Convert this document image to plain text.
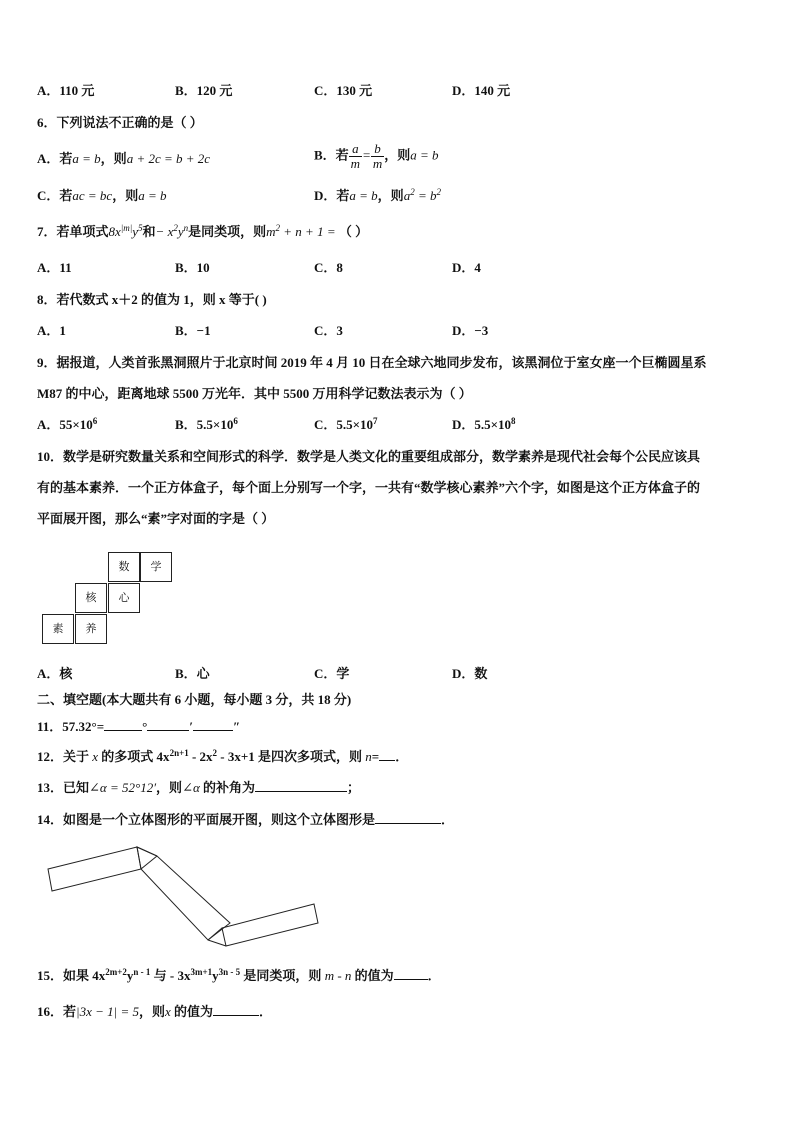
A．110 元	B．120 元	C．130 元	D．140 元
6．下列说法不正确的是（ ）
A．若a = b，则a + 2c = b + 2c	B．若 $\frac{a}{m} = \frac{b}{m}$ ，则a = b
C．若ac = bc，则a = b	D．若a = b，则$a^2 = b^2$
7．若单项式$8x^{|m|}y^5$和− $x^2y^n$是同类项，则$m^2 + n + 1$ = （ ）
A．11	B．10	C．8	D．4
8．若代数式 x＋2 的值为 1，则 x 等于( )
A．1	B．−1	C．3	D．−3
9．据报道，人类首张黑洞照片于北京时间 2019 年 4 月 10 日在全球六地同步发布，该黑洞位于室女座一个巨椭圆星系
M87 的中心，距离地球 5500 万光年．其中 5500 万用科学记数法表示为（ ）
A．$55\times 10^6$	B．$5.5\times 10^6$	C．$5.5\times 10^7$	D．$5.5\times 10^8$
10．数学是研究数量关系和空间形式的科学．数学是人类文化的重要组成部分，数学素养是现代社会每个公民应该具
有的基本素养．一个正方体盒子，每个面上分别写一个字，一共有“数学核心素养”六个字，如图是这个正方体盒子的
平面展开图，那么“素”字对面的字是（ ）
数	学
核	心
素	养
A．核	B．心	C．学	D．数
二、填空题(本大题共有 6 小题，每小题 3 分，共 18 分)
11．57.32°=	°	′	″
12．关于 x 的多项式 $4x^{2n+1} - 2x^2 - 3x+1$ 是四次多项式，则 n= ．
13．已知∠α = 52°12′，则∠α 的补角为	；
14．如图是一个立体图形的平面展开图，则这个立体图形是	．
15．如果 $4x^{2m+2}y^{n - 1}$ 与 - $3x^{3m+1}y^{3n - 5}$ 是同类项，则 m - n 的值为	．
16．若|3x − 1| = 5，则x 的值为	．
